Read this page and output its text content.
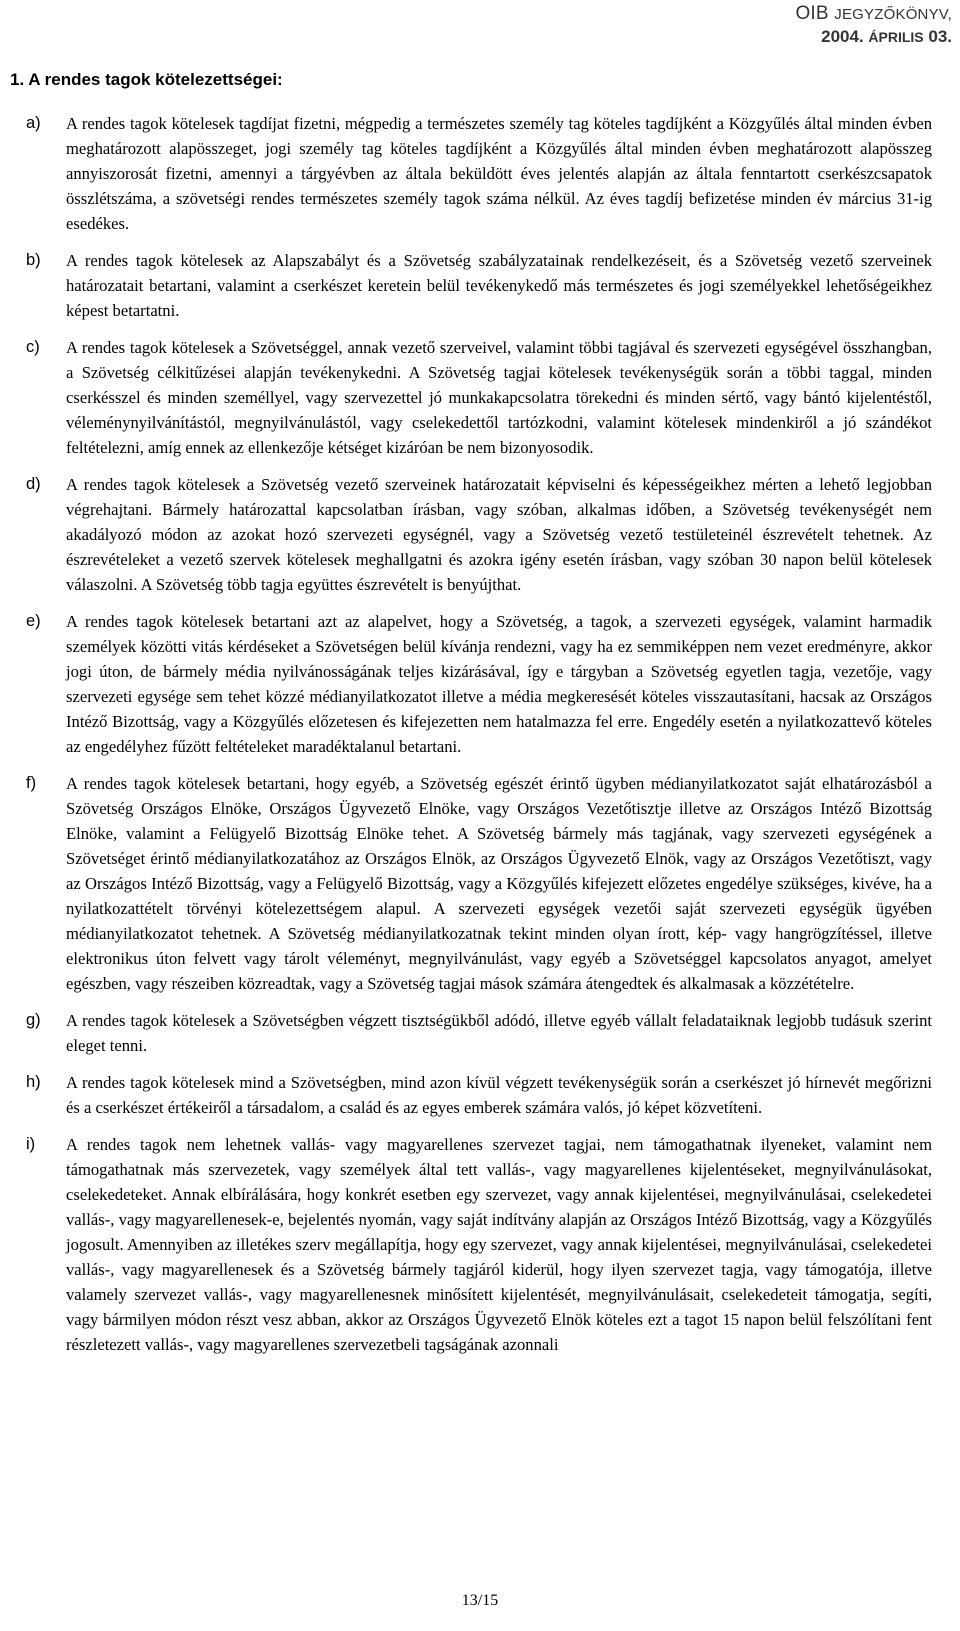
OIB JEGYZŐKÖNYV,
2004. ÁPRILIS 03.
1. A rendes tagok kötelezettségei:
a) A rendes tagok kötelesek tagdíjat fizetni, mégpedig a természetes személy tag köteles tagdíjként a Közgyűlés által minden évben meghatározott alapösszeget, jogi személy tag köteles tagdíjként a Közgyűlés által minden évben meghatározott alapösszeg annyiszorosát fizetni, amennyi a tárgyévben az általa beküldött éves jelentés alapján az általa fenntartott cserkészcsapatok összlétszáma, a szövetségi rendes természetes személy tagok száma nélkül. Az éves tagdíj befizetése minden év március 31-ig esedékes.

b) A rendes tagok kötelesek az Alapszabályt és a Szövetség szabályzatainak rendelkezéseit, és a Szövetség vezető szerveinek határozatait betartani, valamint a cserkészet keretein belül tevékenykedő más természetes és jogi személyekkel lehetőségeikhez képest betartatni.

c) A rendes tagok kötelesek a Szövetséggel, annak vezető szerveivel, valamint többi tagjával és szervezeti egységével összhangban, a Szövetség célkitűzései alapján tevékenykedni. A Szövetség tagjai kötelesek tevékenységük során a többi taggal, minden cserkésszel és minden személlyel, vagy szervezettel jó munkakapcsolatra törekedni és minden sértő, vagy bántó kijelentéstől, véleménynyilvánítástól, megnyilvánulástól, vagy cselekedettől tartózkodni, valamint kötelesek mindenkiről a jó szándékot feltételezni, amíg ennek az ellenkezője kétséget kizáróan be nem bizonyosodik.

d) A rendes tagok kötelesek a Szövetség vezető szerveinek határozatait képviselni és képességeikhez mérten a lehető legjobban végrehajtani. Bármely határozattal kapcsolatban írásban, vagy szóban, alkalmas időben, a Szövetség tevékenységét nem akadályozó módon az azokat hozó szervezeti egységnél, vagy a Szövetség vezető testületeinél észrevételt tehetnek. Az észrevételeket a vezető szervek kötelesek meghallgatni és azokra igény esetén írásban, vagy szóban 30 napon belül kötelesek válaszolni. A Szövetség több tagja együttes észrevételt is benyújthat.

e) A rendes tagok kötelesek betartani azt az alapelvet, hogy a Szövetség, a tagok, a szervezeti egységek, valamint harmadik személyek közötti vitás kérdéseket a Szövetségen belül kívánja rendezni, vagy ha ez semmiképpen nem vezet eredményre, akkor jogi úton, de bármely média nyilvánosságának teljes kizárásával, így e tárgyban a Szövetség egyetlen tagja, vezetője, vagy szervezeti egysége sem tehet közzé médianyilatkozatot illetve a média megkeresését köteles visszautasítani, hacsak az Országos Intéző Bizottság, vagy a Közgyűlés előzetesen és kifejezetten nem hatalmazza fel erre. Engedély esetén a nyilatkozattevő köteles az engedélyhez fűzött feltételeket maradéktalanul betartani.

f) A rendes tagok kötelesek betartani, hogy egyéb, a Szövetség egészét érintő ügyben médianyilatkozatot saját elhatározásból a Szövetség Országos Elnöke, Országos Ügyvezető Elnöke, vagy Országos Vezetőtisztje illetve az Országos Intéző Bizottság Elnöke, valamint a Felügyelő Bizottság Elnöke tehet. A Szövetség bármely más tagjának, vagy szervezeti egységének a Szövetséget érintő médianyilatkozatához az Országos Elnök, az Országos Ügyvezető Elnök, vagy az Országos Vezetőtiszt, vagy az Országos Intéző Bizottság, vagy a Felügyelő Bizottság, vagy a Közgyűlés kifejezett előzetes engedélye szükséges, kivéve, ha a nyilatkozattételt törvényi kötelezettségem alapul. A szervezeti egységek vezetői saját szervezeti egységük ügyében médianyilatkozatot tehetnek. A Szövetség médianyilatkozatnak tekint minden olyan írott, kép- vagy hangrögzítéssel, illetve elektronikus úton felvett vagy tárolt véleményt, megnyilvánulást, vagy egyéb a Szövetséggel kapcsolatos anyagot, amelyet egészben, vagy részeiben közreadtak, vagy a Szövetség tagjai mások számára átengedtek és alkalmasak a közzétételre.

g) A rendes tagok kötelesek a Szövetségben végzett tisztségükből adódó, illetve egyéb vállalt feladataiknak legjobb tudásuk szerint eleget tenni.

h) A rendes tagok kötelesek mind a Szövetségben, mind azon kívül végzett tevékenységük során a cserkészet jó hírnevét megőrizni és a cserkészet értékeiről a társadalom, a család és az egyes emberek számára valós, jó képet közvetíteni.

i) A rendes tagok nem lehetnek vallás- vagy magyarellenes szervezet tagjai, nem támogathatnak ilyeneket, valamint nem támogathatnak más szervezetek, vagy személyek által tett vallás-, vagy magyarellenes kijelentéseket, megnyilvánulásokat, cselekedeteket. Annak elbírálására, hogy konkrét esetben egy szervezet, vagy annak kijelentései, megnyilvánulásai, cselekedetei vallás-, vagy magyarellenesek-e, bejelentés nyomán, vagy saját indítvány alapján az Országos Intéző Bizottság, vagy a Közgyűlés jogosult. Amennyiben az illetékes szerv megállapítja, hogy egy szervezet, vagy annak kijelentései, megnyilvánulásai, cselekedetei vallás-, vagy magyarellenesek és a Szövetség bármely tagjáról kiderül, hogy ilyen szervezet tagja, vagy támogatója, illetve valamely szervezet vallás-, vagy magyarellenesnek minősített kijelentését, megnyilvánulásait, cselekedeteit támogatja, segíti, vagy bármilyen módon részt vesz abban, akkor az Országos Ügyvezető Elnök köteles ezt a tagot 15 napon belül felszólítani fent részletezett vallás-, vagy magyarellenes szervezetbeli tagságának azonnali

13/15
